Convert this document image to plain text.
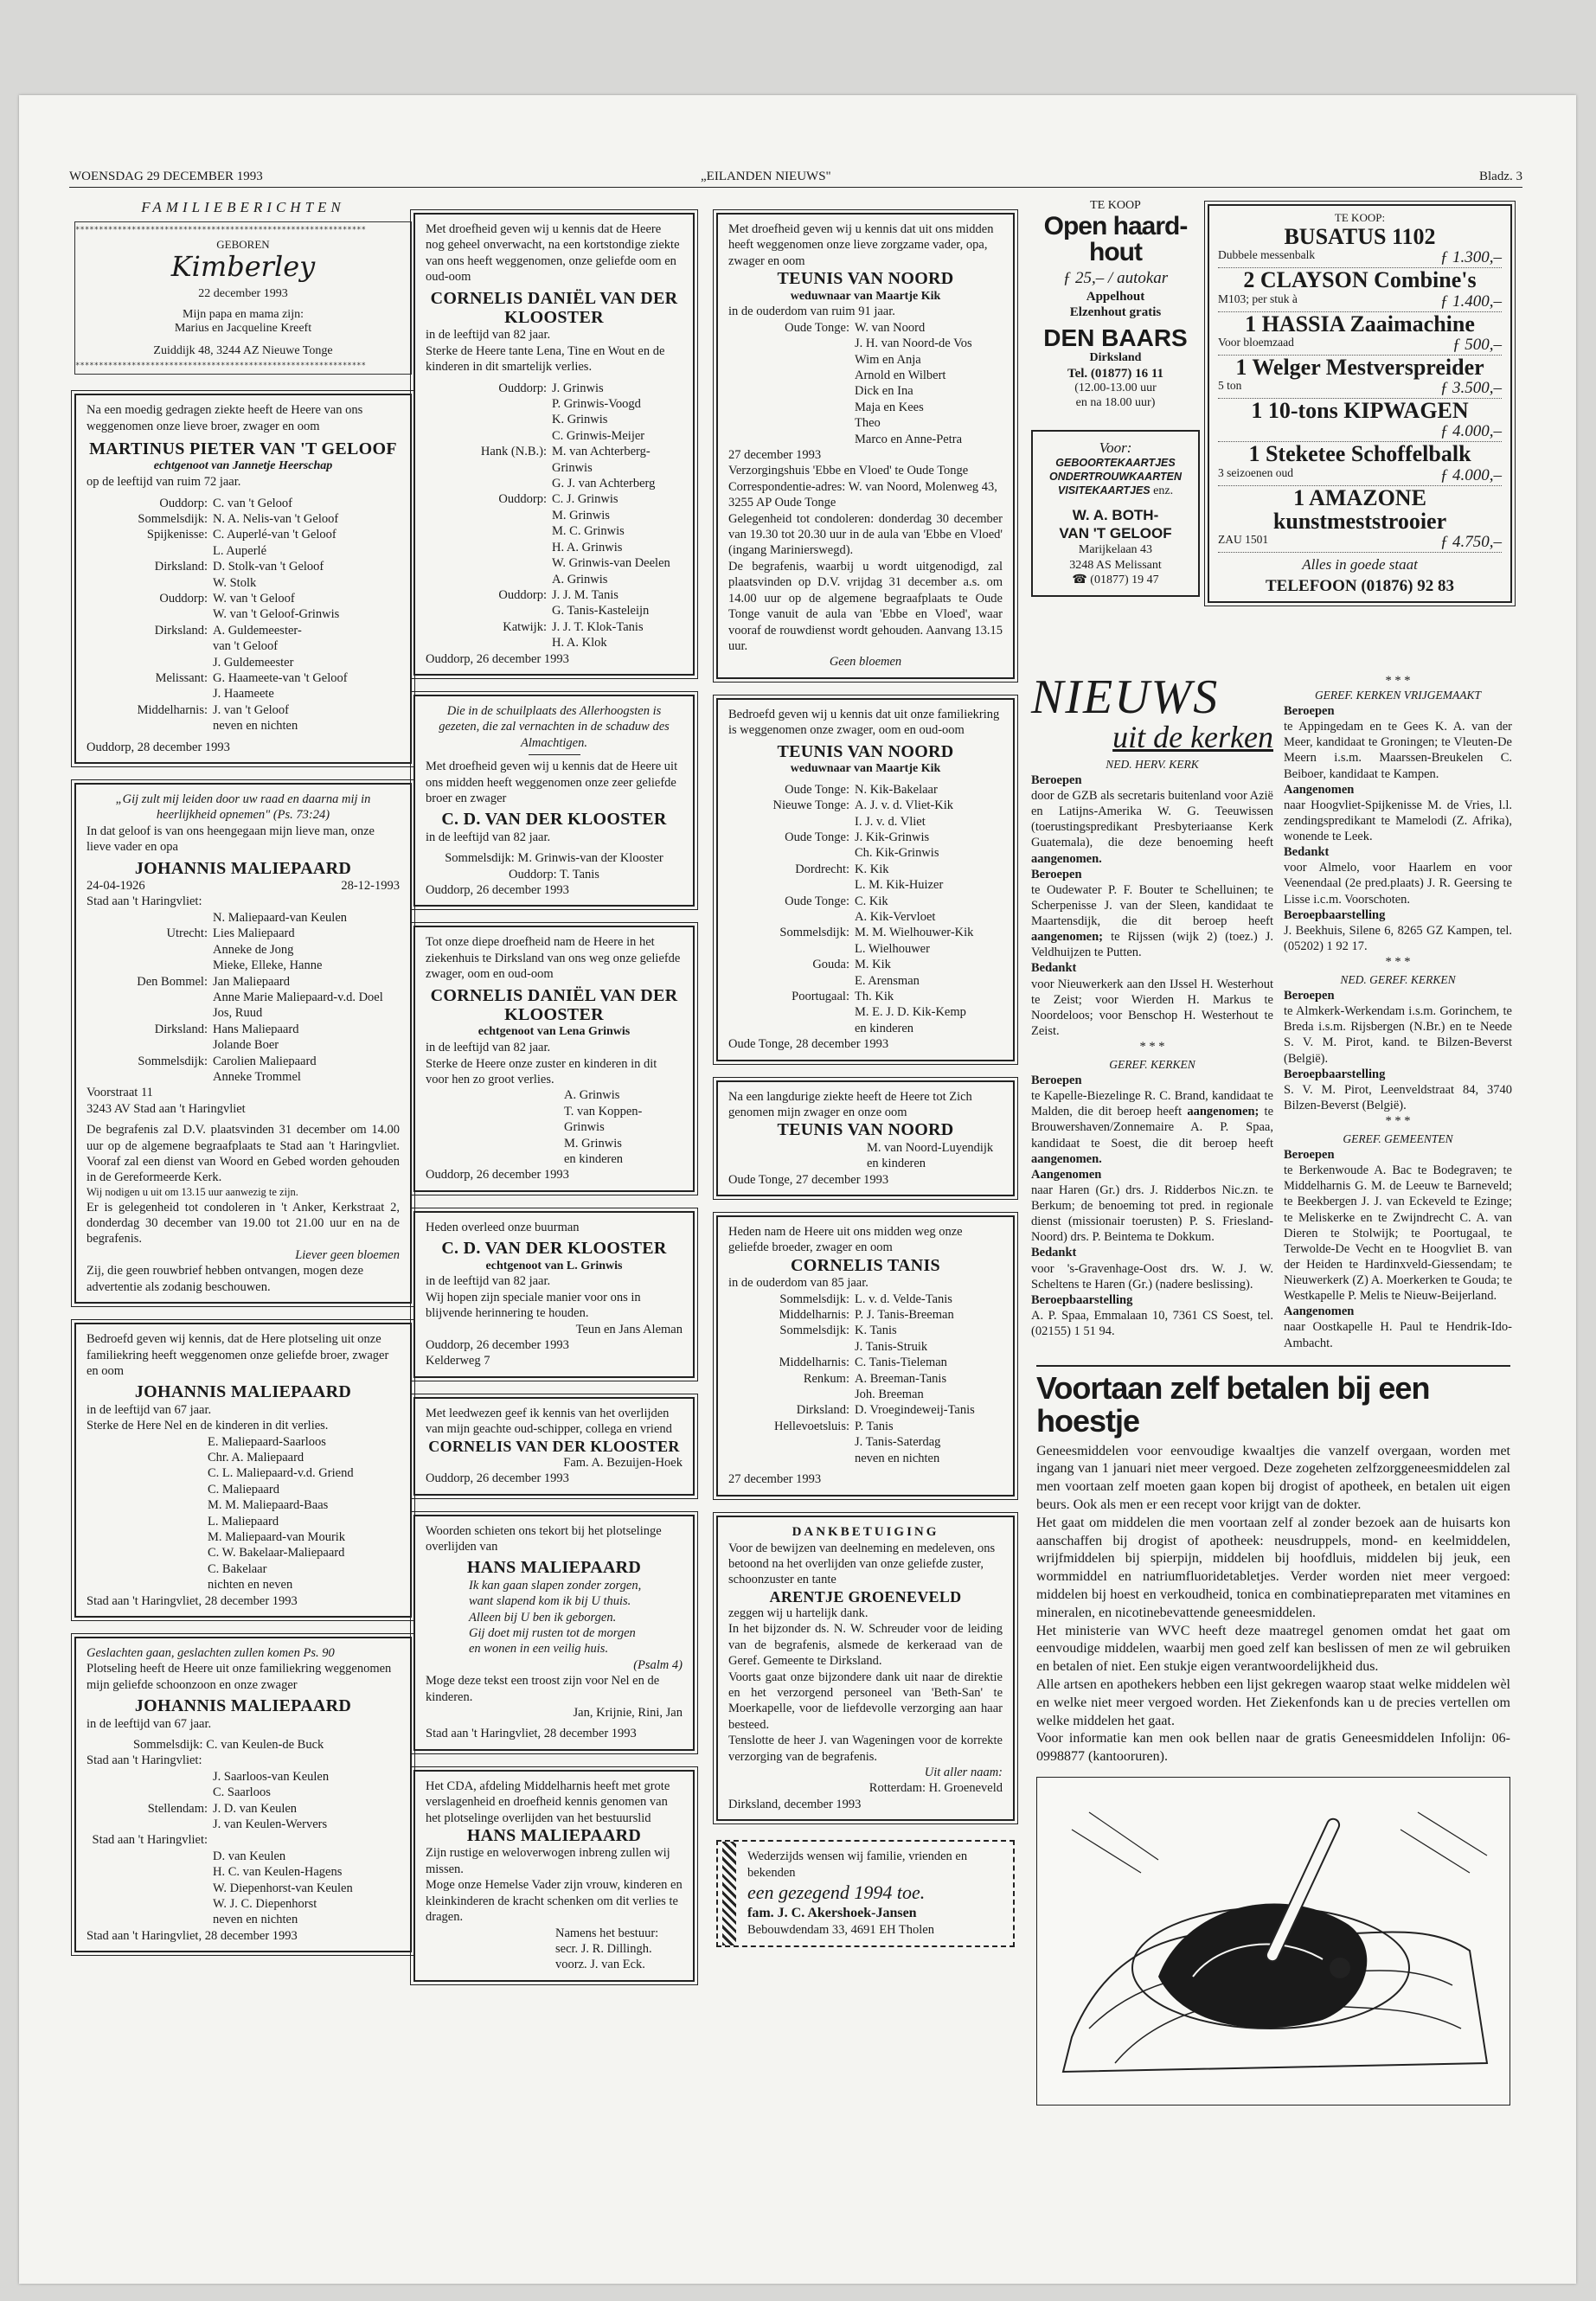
WOENSDAG 29 DECEMBER 1993	„EILANDEN NIEUWS"	Bladz. 3
FAMILIEBERICHTEN
**************************************************************
GEBOREN
Kimberley
22 december 1993
Mijn papa en mama zijn:
Marius en Jacqueline Kreeft
Zuiddijk 48, 3244 AZ Nieuwe Tonge
**************************************************************
Na een moedig gedragen ziekte heeft de Heere van ons weggenomen onze lieve broer, zwager en oom
MARTINUS PIETER VAN 'T GELOOF
echtgenoot van Jannetje Heerschap
op de leeftijd van ruim 72 jaar.
Ouddorp: C. van 't Geloof
Sommelsdijk: N. A. Nelis-van 't Geloof
Spijkenisse: C. Auperlé-van 't Geloof
L. Auperlé
Dirksland: D. Stolk-van 't Geloof
W. Stolk
Ouddorp: W. van 't Geloof
W. van 't Geloof-Grinwis
Dirksland: A. Guldemeester-
van 't Geloof
J. Guldemeester
Melissant: G. Haameete-van 't Geloof
J. Haameete
Middelharnis: J. van 't Geloof
neven en nichten
Ouddorp, 28 december 1993
„Gij zult mij leiden door uw raad en daarna mij in heerlijkheid opnemen" (Ps. 73:24)
In dat geloof is van ons heengegaan mijn lieve man, onze lieve vader en opa
JOHANNIS MALIEPAARD
24-04-1926	28-12-1993
Stad aan 't Haringvliet:
N. Maliepaard-van Keulen
Utrecht: Lies Maliepaard
Anneke de Jong
Mieke, Elleke, Hanne
Den Bommel: Jan Maliepaard
Anne Marie Maliepaard-v.d. Doel
Jos, Ruud
Dirksland: Hans Maliepaard
Jolande Boer
Sommelsdijk: Carolien Maliepaard
Anneke Trommel
Voorstraat 11
3243 AV Stad aan 't Haringvliet
De begrafenis zal D.V. plaatsvinden 31 december om 14.00 uur op de algemene begraafplaats te Stad aan 't Haringvliet. Vooraf zal een dienst van Woord en Gebed worden gehouden in de Gereformeerde Kerk.
Wij nodigen u uit om 13.15 uur aanwezig te zijn.
Er is gelegenheid tot condoleren in 't Anker, Kerkstraat 2, donderdag 30 december van 19.00 tot 21.00 uur en na de begrafenis.
Liever geen bloemen
Zij, die geen rouwbrief hebben ontvangen, mogen deze advertentie als zodanig beschouwen.
Bedroefd geven wij kennis, dat de Here plotseling uit onze familiekring heeft weggenomen onze geliefde broer, zwager en oom
JOHANNIS MALIEPAARD
in de leeftijd van 67 jaar.
Sterke de Here Nel en de kinderen in dit verlies.
E. Maliepaard-Saarloos
Chr. A. Maliepaard
C. L. Maliepaard-v.d. Griend
C. Maliepaard
M. M. Maliepaard-Baas
L. Maliepaard
M. Maliepaard-van Mourik
C. W. Bakelaar-Maliepaard
C. Bakelaar
nichten en neven
Stad aan 't Haringvliet, 28 december 1993
Geslachten gaan, geslachten zullen komen Ps. 90
Plotseling heeft de Heere uit onze familiekring weggenomen mijn geliefde schoonzoon en onze zwager
JOHANNIS MALIEPAARD
in de leeftijd van 67 jaar.
Sommelsdijk: C. van Keulen-de Buck
Stad aan 't Haringvliet:
J. Saarloos-van Keulen
C. Saarloos
Stellendam: J. D. van Keulen
J. van Keulen-Wervers
Stad aan 't Haringvliet:
D. van Keulen
H. C. van Keulen-Hagens
W. Diepenhorst-van Keulen
W. J. C. Diepenhorst
neven en nichten
Stad aan 't Haringvliet, 28 december 1993
Met droefheid geven wij u kennis dat de Heere nog geheel onverwacht, na een kortstondige ziekte van ons heeft weggenomen, onze geliefde oom en oud-oom
CORNELIS DANIËL VAN DER KLOOSTER
in de leeftijd van 82 jaar.
Sterke de Heere tante Lena, Tine en Wout en de kinderen in dit smartelijk verlies.
Ouddorp: J. Grinwis
P. Grinwis-Voogd
K. Grinwis
C. Grinwis-Meijer
Hank (N.B.): M. van Achterberg-Grinwis
G. J. van Achterberg
Ouddorp: C. J. Grinwis
M. Grinwis
M. C. Grinwis
H. A. Grinwis
W. Grinwis-van Deelen
A. Grinwis
Ouddorp: J. J. M. Tanis
G. Tanis-Kasteleijn
Katwijk: J. J. T. Klok-Tanis
H. A. Klok
Ouddorp, 26 december 1993
Die in de schuilplaats des Allerhoogsten is gezeten, die zal vernachten in de schaduw des Almachtigen.
Met droefheid geven wij u kennis dat de Heere uit ons midden heeft weggenomen onze zeer geliefde broer en zwager
C. D. VAN DER KLOOSTER
in de leeftijd van 82 jaar.
Sommelsdijk: M. Grinwis-van der Klooster
Ouddorp: T. Tanis
Ouddorp, 26 december 1993
Tot onze diepe droefheid nam de Heere in het ziekenhuis te Dirksland van ons weg onze geliefde zwager, oom en oud-oom
CORNELIS DANIËL VAN DER KLOOSTER
echtgenoot van Lena Grinwis
in de leeftijd van 82 jaar.
Sterke de Heere onze zuster en kinderen in dit voor hen zo groot verlies.
A. Grinwis
T. van Koppen-Grinwis
M. Grinwis
en kinderen
Ouddorp, 26 december 1993
Heden overleed onze buurman
C. D. VAN DER KLOOSTER
echtgenoot van L. Grinwis
in de leeftijd van 82 jaar.
Wij hopen zijn speciale manier voor ons in blijvende herinnering te houden.
Teun en Jans Aleman
Ouddorp, 26 december 1993
Kelderweg 7
Met leedwezen geef ik kennis van het overlijden van mijn geachte oud-schipper, collega en vriend
CORNELIS VAN DER KLOOSTER
Fam. A. Bezuijen-Hoek
Ouddorp, 26 december 1993
Woorden schieten ons tekort bij het plotselinge overlijden van
HANS MALIEPAARD
Ik kan gaan slapen zonder zorgen,
want slapend kom ik bij U thuis.
Alleen bij U ben ik geborgen.
Gij doet mij rusten tot de morgen
en wonen in een veilig huis.
(Psalm 4)
Moge deze tekst een troost zijn voor Nel en de kinderen.
Jan, Krijnie, Rini, Jan
Stad aan 't Haringvliet, 28 december 1993
Het CDA, afdeling Middelharnis heeft met grote verslagenheid en droefheid kennis genomen van het plotselinge overlijden van het bestuurslid
HANS MALIEPAARD
Zijn rustige en weloverwogen inbreng zullen wij missen.
Moge onze Hemelse Vader zijn vrouw, kinderen en kleinkinderen de kracht schenken om dit verlies te dragen.
Namens het bestuur:
secr. J. R. Dillingh.
voorz. J. van Eck.
Met droefheid geven wij u kennis dat uit ons midden heeft weggenomen onze lieve zorgzame vader, opa, zwager en oom
TEUNIS VAN NOORD
weduwnaar van Maartje Kik
in de ouderdom van ruim 91 jaar.
Oude Tonge: W. van Noord
J. H. van Noord-de Vos
Wim en Anja
Arnold en Wilbert
Dick en Ina
Maja en Kees
Theo
Marco en Anne-Petra
27 december 1993
Verzorgingshuis 'Ebbe en Vloed' te Oude Tonge
Correspondentie-adres: W. van Noord, Molenweg 43, 3255 AP Oude Tonge
Gelegenheid tot condoleren: donderdag 30 december van 19.30 tot 20.30 uur in de aula van 'Ebbe en Vloed' (ingang Marinierswegd).
De begrafenis, waarbij u wordt uitgenodigd, zal plaatsvinden op D.V. vrijdag 31 december a.s. om 14.00 uur op de algemene begraafplaats te Oude Tonge vanuit de aula van 'Ebbe en Vloed', waar vooraf de rouwdienst wordt gehouden. Aanvang 13.15 uur.
Geen bloemen
Bedroefd geven wij u kennis dat uit onze familiekring is weggenomen onze zwager, oom en oud-oom
TEUNIS VAN NOORD
weduwnaar van Maartje Kik
Oude Tonge: N. Kik-Bakelaar
Nieuwe Tonge: A. J. v. d. Vliet-Kik
I. J. v. d. Vliet
Oude Tonge: J. Kik-Grinwis
Ch. Kik-Grinwis
Dordrecht: K. Kik
L. M. Kik-Huizer
Oude Tonge: C. Kik
A. Kik-Vervloet
Sommelsdijk: M. M. Wielhouwer-Kik
L. Wielhouwer
Gouda: M. Kik
E. Arensman
Poortugaal: Th. Kik
M. E. J. D. Kik-Kemp
en kinderen
Oude Tonge, 28 december 1993
Na een langdurige ziekte heeft de Heere tot Zich genomen mijn zwager en onze oom
TEUNIS VAN NOORD
M. van Noord-Luyendijk
en kinderen
Oude Tonge, 27 december 1993
Heden nam de Heere uit ons midden weg onze geliefde broeder, zwager en oom
CORNELIS TANIS
in de ouderdom van 85 jaar.
Sommelsdijk: L. v. d. Velde-Tanis
Middelharnis: P. J. Tanis-Breeman
Sommelsdijk: K. Tanis
J. Tanis-Struik
Middelharnis: C. Tanis-Tieleman
Renkum: A. Breeman-Tanis
Joh. Breeman
Dirksland: D. Vroegindeweij-Tanis
Hellevoetsluis: P. Tanis
J. Tanis-Saterdag
neven en nichten
27 december 1993
DANKBETUIGING
Voor de bewijzen van deelneming en medeleven, ons betoond na het overlijden van onze geliefde zuster, schoonzuster en tante
ARENTJE GROENEVELD
zeggen wij u hartelijk dank.
In het bijzonder ds. N. W. Schreuder voor de leiding van de begrafenis, alsmede de kerkeraad van de Geref. Gemeente te Dirksland.
Voorts gaat onze bijzondere dank uit naar de direktie en het verzorgend personeel van 'Beth-San' te Moerkapelle, voor de liefdevolle verzorging aan haar besteed.
Tenslotte de heer J. van Wageningen voor de korrekte verzorging van de begrafenis.
Uit aller naam:
Rotterdam: H. Groeneveld
Dirksland, december 1993
Wederzijds wensen wij familie, vrienden en bekenden
een gezegend 1994 toe.
fam. J. C. Akershoek-Jansen
Bebouwdendam 33, 4691 EH Tholen
TE KOOP
Open haard-hout
ƒ 25,– / autokar
Appelhout
Elzenhout gratis
DEN BAARS
Dirksland
Tel. (01877) 16 11
(12.00-13.00 uur
en na 18.00 uur)
Voor:
GEBOORTEKAARTJES
ONDERTROUWKAARTEN
VISITEKAARTJES enz.
W. A. BOTH-
VAN 'T GELOOF
Marijkelaan 43
3248 AS Melissant
☎ (01877) 19 47
TE KOOP:
BUSATUS 1102
Dubbele messenbalk	ƒ 1.300,–
2 CLAYSON Combine's
M103; per stuk à	ƒ 1.400,–
1 HASSIA Zaaimachine
Voor bloemzaad	ƒ 500,–
1 Welger Mestverspreider
5 ton	ƒ 3.500,–
1 10-tons KIPWAGEN
ƒ 4.000,–
1 Steketee Schoffelbalk
3 seizoenen oud	ƒ 4.000,–
1 AMAZONE kunstmeststrooier
ZAU 1501	ƒ 4.750,–
Alles in goede staat
TELEFOON (01876) 92 83
NIEUWS
uit de kerken
NED. HERV. KERK
Beroepen
door de GZB als secretaris buitenland voor Azië en Latijns-Amerika W. G. Teeuwissen (toerustingspredikant Presbyteriaanse Kerk Guatemala), die deze benoeming heeft aangenomen.
Beroepen
te Oudewater P. F. Bouter te Schelluinen; te Scherpenisse J. van der Sleen, kandidaat te Maartensdijk, die dit beroep heeft aangenomen; te Rijssen (wijk 2) (toez.) J. Veldhuijzen te Putten.
Bedankt
voor Nieuwerkerk aan den IJssel H. Westerhout te Zeist; voor Wierden H. Markus te Noordeloos; voor Benschop H. Westerhout te Zeist.
* * *
GEREF. KERKEN
Beroepen
te Kapelle-Biezelinge R. C. Brand, kandidaat te Malden, die dit beroep heeft aangenomen; te Brouwershaven/Zonnemaire A. P. Spaa, kandidaat te Soest, die dit beroep heeft aangenomen.
Aangenomen
naar Haren (Gr.) drs. J. Ridderbos Nic.zn. te Berkum; de benoeming tot pred. in regionale dienst (missionair toerusten) P. S. Friesland-Noord) drs. P. Beintema te Dokkum.
Bedankt
voor 's-Gravenhage-Oost drs. W. J. W. Scheltens te Haren (Gr.) (nadere beslissing).
Beroepbaarstelling
A. P. Spaa, Emmalaan 10, 7361 CS Soest, tel. (02155) 1 51 94.
* * *
GEREF. KERKEN VRIJGEMAAKT
Beroepen
te Appingedam en te Gees K. A. van der Meer, kandidaat te Groningen; te Vleuten-De Meern i.s.m. Maarssen-Breukelen C. Beiboer, kandidaat te Kampen.
Aangenomen
naar Hoogvliet-Spijkenisse M. de Vries, l.l. zendingspredikant te Mamelodi (Z. Afrika), wonende te Leek.
Bedankt
voor Almelo, voor Haarlem en voor Veenendaal (2e pred.plaats) J. R. Geersing te Lisse i.c.m. Voorschoten.
Beroepbaarstelling
J. Beekhuis, Silene 6, 8265 GZ Kampen, tel. (05202) 1 92 17.
* * *
NED. GEREF. KERKEN
Beroepen
te Almkerk-Werkendam i.s.m. Gorinchem, te Breda i.s.m. Rijsbergen (N.Br.) en te Neede S. V. M. Pirot, kand. te Bilzen-Beverst (België).
Beroepbaarstelling
S. V. M. Pirot, Leenveldstraat 84, 3740 Bilzen-Beverst (België).
* * *
GEREF. GEMEENTEN
Beroepen
te Berkenwoude A. Bac te Bodegraven; te Middelharnis G. M. de Leeuw te Barneveld; te Beekbergen J. J. van Eckeveld te Ezinge; te Meliskerke en te Zwijndrecht C. A. van Dieren te Stolwijk; te Poortugaal, te Terwolde-De Vecht en te Hoogvliet B. van der Heiden te Hardinxveld-Giessendam; te Nieuwerkerk (Z) A. Moerkerken te Gouda; te Westkapelle P. Melis te Nieuw-Beijerland.
Aangenomen
naar Oostkapelle H. Paul te Hendrik-Ido-Ambacht.
Voortaan zelf betalen bij een hoestje
Geneesmiddelen voor eenvoudige kwaaltjes die vanzelf overgaan, worden met ingang van 1 januari niet meer vergoed. Deze zogeheten zelfzorggeneesmiddelen zal men voortaan zelf moeten gaan kopen bij drogist of apotheek, en betalen uit eigen beurs. Ook als men er een recept voor krijgt van de dokter.
Het gaat om middelen die men voortaan zelf al zonder bezoek aan de huisarts kon aanschaffen bij drogist of apotheek: neusdruppels, mond- en keelmiddelen, wrijfmiddelen bij spierpijn, middelen bij hoofdluis, middelen bij jeuk, een wormmiddel en natriumfluoridetabletjes. Verder worden niet meer vergoed: middelen bij hoest en verkoudheid, tonica en combinatiepreparaten met vitamines en mineralen, en nicotinebevattende geneesmiddelen.
Het ministerie van WVC heeft deze maatregel genomen omdat het gaat om eenvoudige middelen, waarbij men goed zelf kan beslissen of men ze wil gebruiken en betalen of niet. Een stukje eigen verantwoordelijkheid dus.
Alle artsen en apothekers hebben een lijst gekregen waarop staat welke middelen wèl en welke niet meer vergoed worden. Het Ziekenfonds kan u de precies vertellen om welke middelen het gaat.
Voor informatie kan men ook bellen naar de gratis Geneesmiddelen Infolijn: 06-0998877 (kantooruren).
